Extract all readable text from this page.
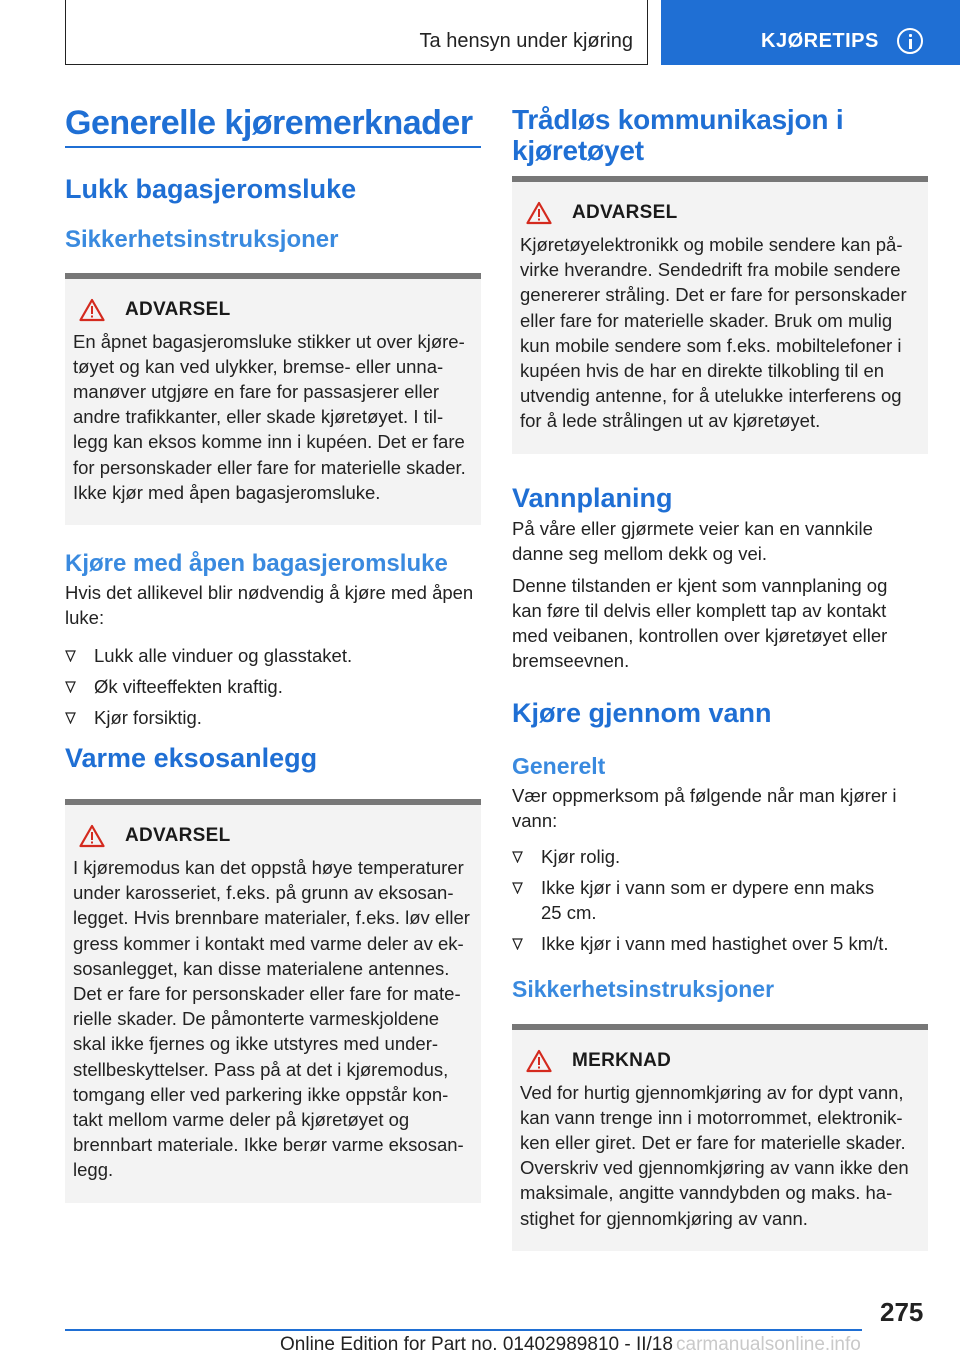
Ta hensyn under kjøring	KJØRETIPS
Generelle kjøremerknader
Lukk bagasjeromsluke
Sikkerhetsinstruksjoner
ADVARSEL
En åpnet bagasjeromsluke stikker ut over kjøre-
tøyet og kan ved ulykker, bremse- eller unna-
manøver utgjøre en fare for passasjerer eller
andre trafikkanter, eller skade kjøretøyet. I til-
legg kan eksos komme inn i kupéen. Det er fare
for personskader eller fare for materielle skader.
Ikke kjør med åpen bagasjeromsluke.
Kjøre med åpen bagasjeromsluke
Hvis det allikevel blir nødvendig å kjøre med åpen
luke:
Lukk alle vinduer og glasstaket.
Øk vifteeffekten kraftig.
Kjør forsiktig.
Varme eksosanlegg
ADVARSEL
I kjøremodus kan det oppstå høye temperaturer
under karosseriet, f.eks. på grunn av eksosan-
legget. Hvis brennbare materialer, f.eks. løv eller
gress kommer i kontakt med varme deler av ek-
sosanlegget, kan disse materialene antennes.
Det er fare for personskader eller fare for mate-
rielle skader. De påmonterte varmeskjoldene
skal ikke fjernes og ikke utstyres med under-
stellbeskyttelser. Pass på at det i kjøremodus,
tomgang eller ved parkering ikke oppstår kon-
takt mellom varme deler på kjøretøyet og
brennbart materiale. Ikke berør varme eksosan-
legg.
Trådløs kommunikasjon i
kjøretøyet
ADVARSEL
Kjøretøyelektronikk og mobile sendere kan på-
virke hverandre. Sendedrift fra mobile sendere
genererer stråling. Det er fare for personskader
eller fare for materielle skader. Bruk om mulig
kun mobile sendere som f.eks. mobiltelefoner i
kupéen hvis de har en direkte tilkobling til en
utvendig antenne, for å utelukke interferens og
for å lede strålingen ut av kjøretøyet.
Vannplaning
På våre eller gjørmete veier kan en vannkile
danne seg mellom dekk og vei.
Denne tilstanden er kjent som vannplaning og
kan føre til delvis eller komplett tap av kontakt
med veibanen, kontrollen over kjøretøyet eller
bremseevnen.
Kjøre gjennom vann
Generelt
Vær oppmerksom på følgende når man kjører i
vann:
Kjør rolig.
Ikke kjør i vann som er dypere enn maks
25 cm.
Ikke kjør i vann med hastighet over 5 km/t.
Sikkerhetsinstruksjoner
MERKNAD
Ved for hurtig gjennomkjøring av for dypt vann,
kan vann trenge inn i motorrommet, elektronik-
ken eller giret. Det er fare for materielle skader.
Overskriv ved gjennomkjøring av vann ikke den
maksimale, angitte vanndybden og maks. ha-
stighet for gjennomkjøring av vann.
275
Online Edition for Part no. 01402989810 - II/18 carmanualsonline.info
